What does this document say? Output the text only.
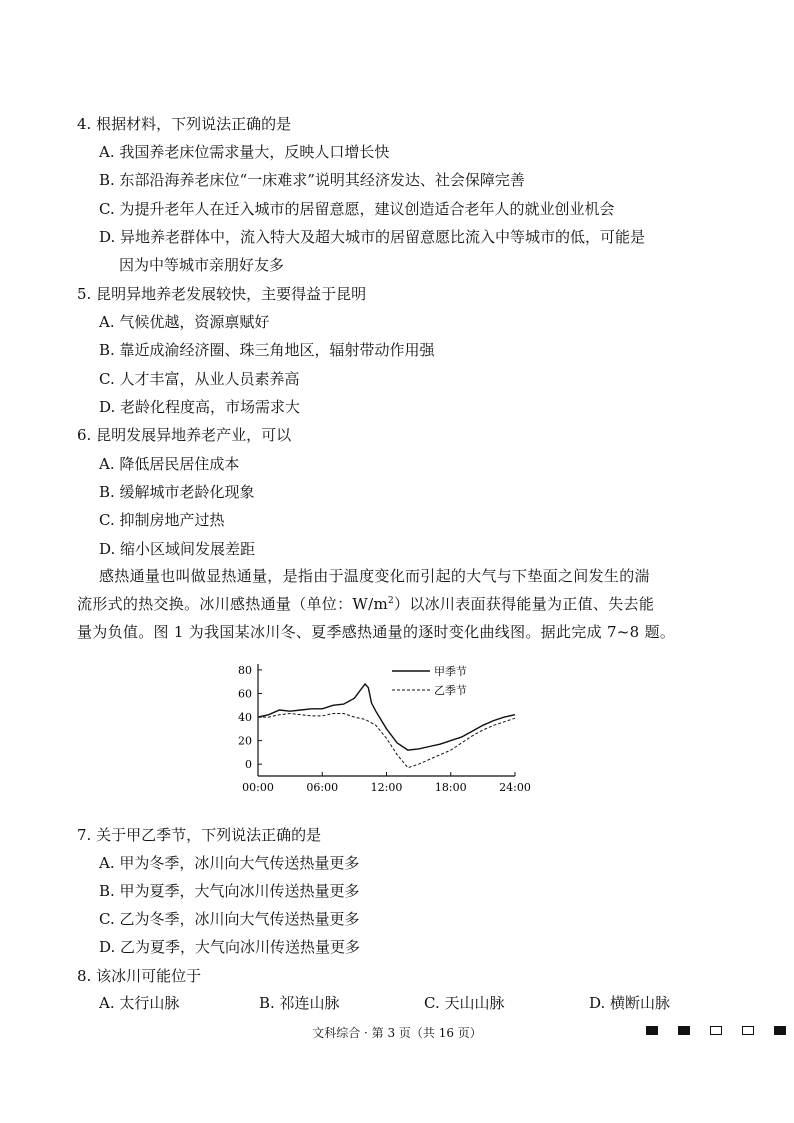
4. 根据材料，下列说法正确的是
A. 我国养老床位需求量大，反映人口增长快
B. 东部沿海养老床位“一床难求”说明其经济发达、社会保障完善
C. 为提升老年人在迁入城市的居留意愿，建议创造适合老年人的就业创业机会
D. 异地养老群体中，流入特大及超大城市的居留意愿比流入中等城市的低，可能是
因为中等城市亲朋好友多
5. 昆明异地养老发展较快，主要得益于昆明
A. 气候优越，资源禀赋好
B. 靠近成渝经济圈、珠三角地区，辐射带动作用强
C. 人才丰富，从业人员素养高
D. 老龄化程度高，市场需求大
6. 昆明发展异地养老产业，可以
A. 降低居民居住成本
B. 缓解城市老龄化现象
C. 抑制房地产过热
D. 缩小区域间发展差距
感热通量也叫做显热通量，是指由于温度变化而引起的大气与下垫面之间发生的湍
流形式的热交换。冰川感热通量（单位：$W/m^2$）以冰川表面获得能量为正值、失去能
量为负值。图 1 为我国某冰川冬、夏季感热通量的逐时变化曲线图。据此完成 7~8 题。
0
20
40
60
80
00:00	06:00	12:00	18:00	24:00
甲季节
乙季节
7. 关于甲乙季节，下列说法正确的是
A. 甲为冬季，冰川向大气传送热量更多
B. 甲为夏季，大气向冰川传送热量更多
C. 乙为冬季，冰川向大气传送热量更多
D. 乙为夏季，大气向冰川传送热量更多
8. 该冰川可能位于
A. 太行山脉	B. 祁连山脉	C. 天山山脉	D. 横断山脉
文科综合 · 第 3 页（共 16 页）
